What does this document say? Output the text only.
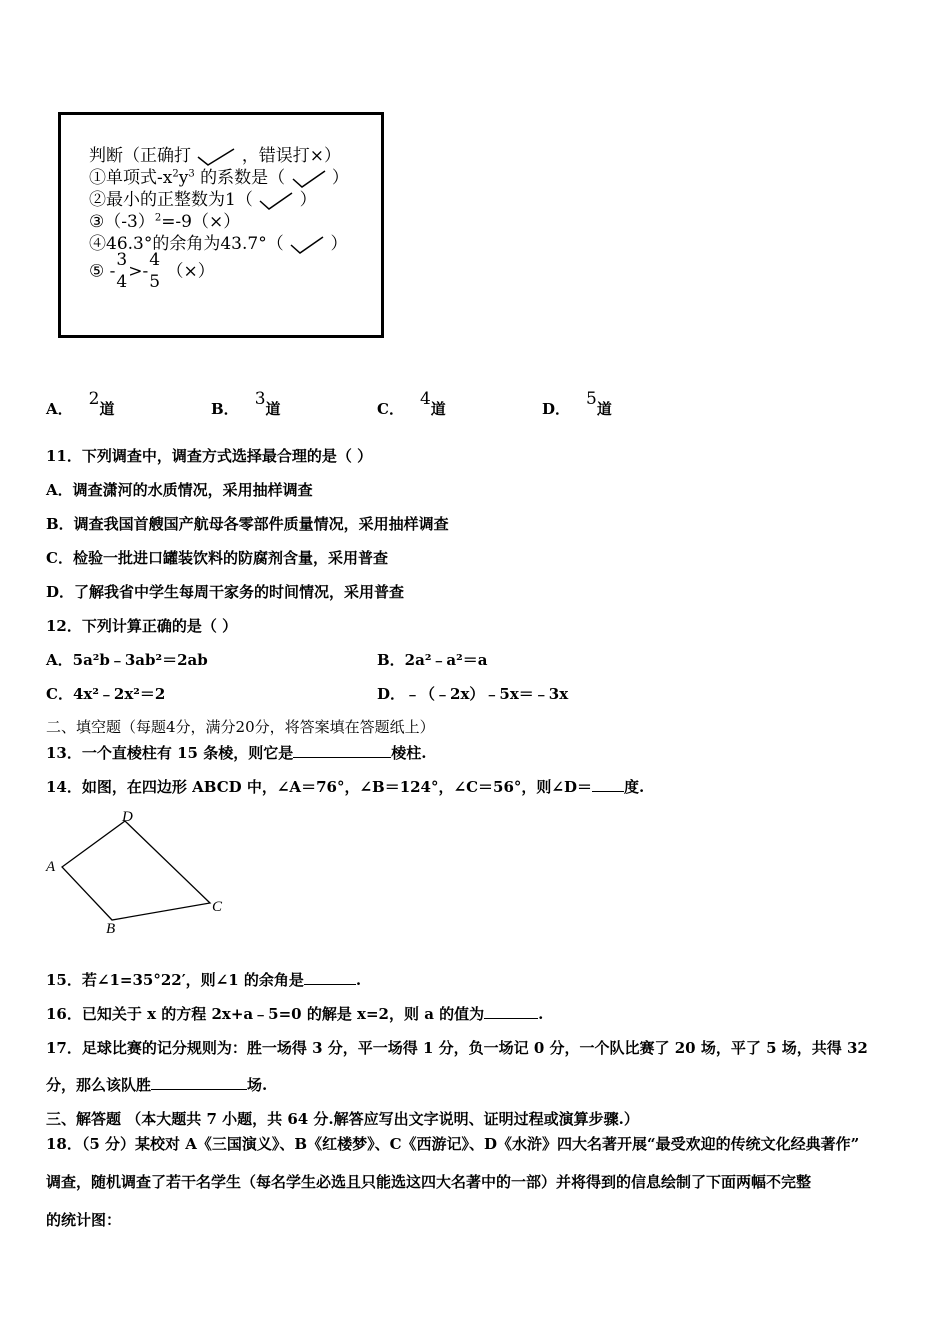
判断（正确打	，错误打×）
①单项式$-x^2y^3$ 的系数是（	）
②最小的正整数为1（	）
$③(-3)^2=-9(\times)$
④46.3°的余角为43.7°（	）
⑤ -
3
4
>-
4
5
（×）
A． 2道	B． 3道	C． 4道	D． 5道
11．下列调查中，调查方式选择最合理的是（ ）
A．调查潇河的水质情况，采用抽样调查
B．调查我国首艘国产航母各零部件质量情况，采用抽样调查
C．检验一批进口罐装饮料的防腐剂含量，采用普查
D．了解我省中学生每周干家务的时间情况，采用普查
12．下列计算正确的是（ ）
A．5a²b﹣3ab²＝2ab	B．2a²﹣a²＝a
C．4x²﹣2x²＝2	D．﹣（﹣2x）﹣5x＝﹣3x
二、填空题（每题4分，满分20分，将答案填在答题纸上）
13．一个直棱柱有 15 条棱，则它是	棱柱.
14．如图，在四边形 ABCD 中，∠A＝76°，∠B＝124°，∠C＝56°，则∠D＝ 度.
A
D
C
B
15．若∠1=35°22′，则∠1 的余角是	.
16．已知关于 x 的方程 2x+a﹣5=0 的解是 x=2，则 a 的值为	.
17．足球比赛的记分规则为：胜一场得 3 分，平一场得 1 分，负一场记 0 分，一个队比赛了 20 场，平了 5 场，共得 32
分，那么该队胜	场.
三、解答题 （本大题共 7 小题，共 64 分.解答应写出文字说明、证明过程或演算步骤.）
18．（5 分）某校对 A《三国演义》、B《红楼梦》、C《西游记》、D《水浒》四大名著开展“最受欢迎的传统文化经典著作”
调查，随机调查了若干名学生（每名学生必选且只能选这四大名著中的一部）并将得到的信息绘制了下面两幅不完整
的统计图：
